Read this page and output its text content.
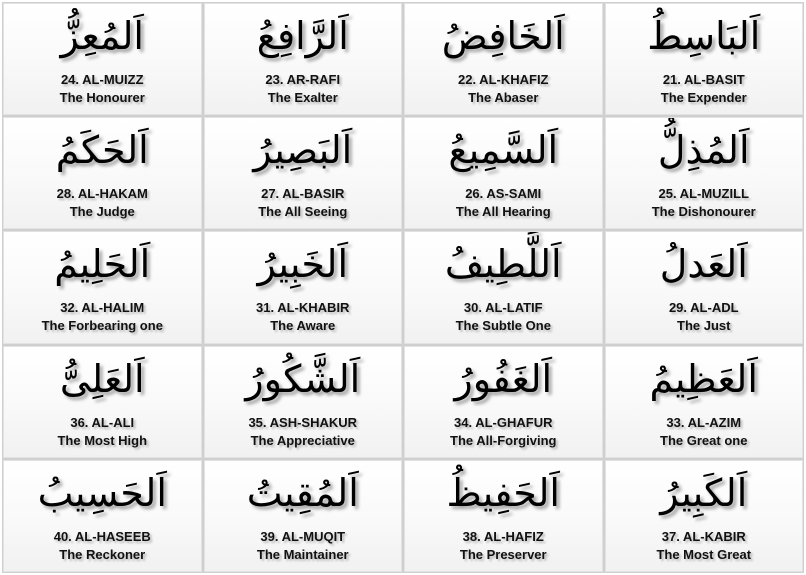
اَلمُعِزُّ
24. AL-MUIZZ
The Honourer
اَلرَّافِعُ
23. AR-RAFI
The Exalter
اَلخَافِضُ
22. AL-KHAFIZ
The Abaser
اَلبَاسِطُ
21. AL-BASIT
The Expender
اَلحَكَمُ
28. AL-HAKAM
The Judge
اَلبَصِيرُ
27. AL-BASIR
The All Seeing
اَلسَّمِيعُ
26. AS-SAMI
The All Hearing
اَلمُذِلُّ
25. AL-MUZILL
The Dishonourer
اَلحَلِيمُ
32. AL-HALIM
The Forbearing one
اَلخَبِيرُ
31. AL-KHABIR
The Aware
اَللَّطِيفُ
30. AL-LATIF
The Subtle One
اَلعَدلُ
29. AL-ADL
The Just
اَلعَلِىُّ
36. AL-ALI
The Most High
اَلشَّكُورُ
35. ASH-SHAKUR
The Appreciative
اَلغَفُورُ
34. AL-GHAFUR
The All-Forgiving
اَلعَظِيمُ
33. AL-AZIM
The Great one
اَلحَسِيبُ
40. AL-HASEEB
The Reckoner
اَلمُقِيتُ
39. AL-MUQIT
The Maintainer
اَلحَفِيظُ
38. AL-HAFIZ
The Preserver
اَلكَبِيرُ
37. AL-KABIR
The Most Great
